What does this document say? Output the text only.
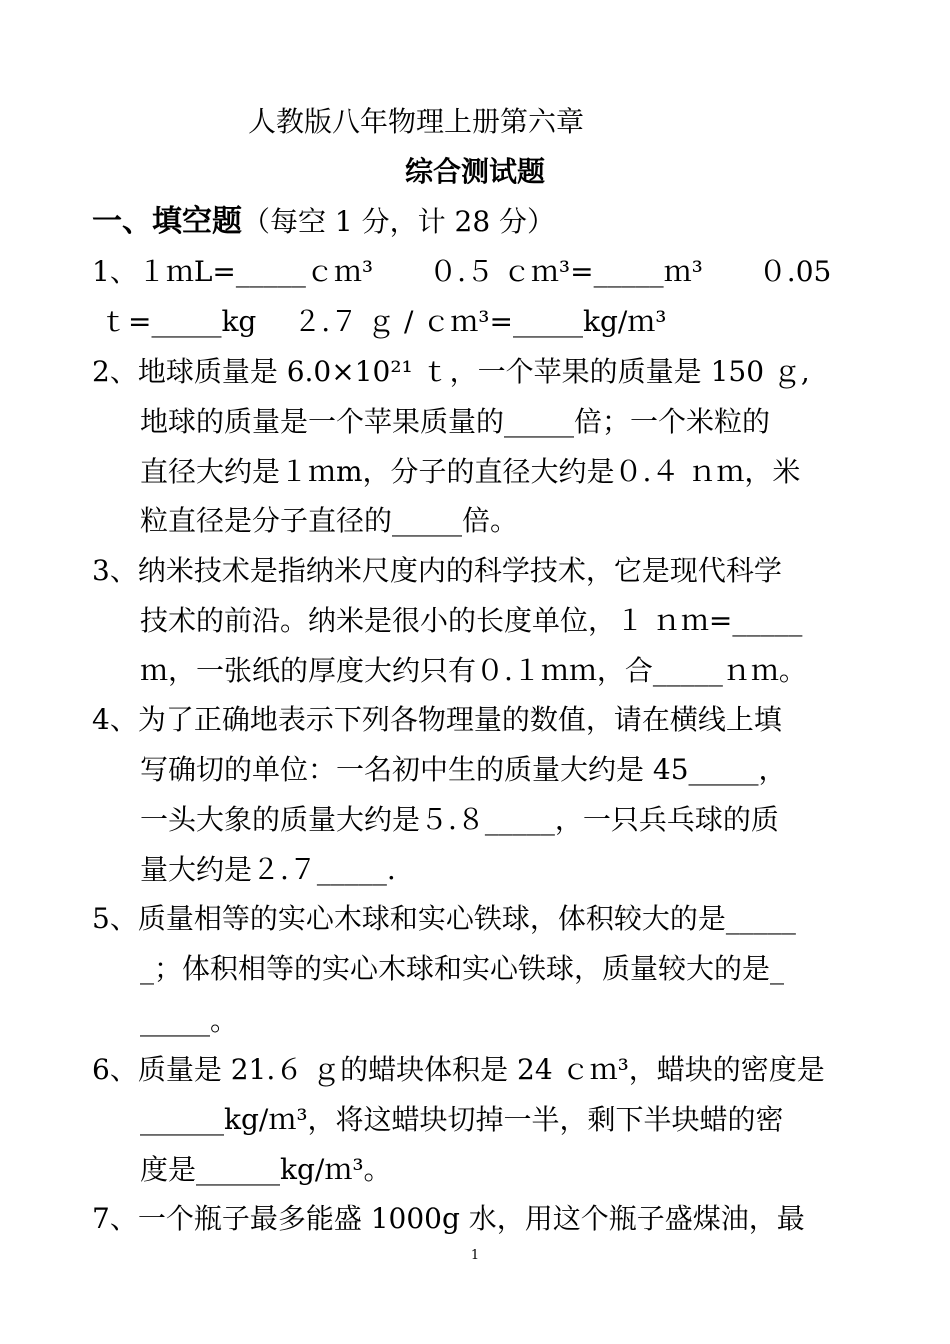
人教版八年物理上册第六章
综合测试题
一、填空题（每空 1 分，计 28 分）
1、１ｍL=_____ｃｍ³　　０.５ ｃｍ³=_____ｍ³　　０.05
ｔ=_____kg　 ２.７ ｇ / ｃｍ³=_____kg/ｍ³
2、地球质量是 6.0×10²¹ ｔ，一个苹果的质量是 150 ｇ,
地球的质量是一个苹果质量的_____倍；一个米粒的
直径大约是１ｍm，分子的直径大约是０.４ ｎｍ，米
粒直径是分子直径的_____倍。
3、纳米技术是指纳米尺度内的科学技术，它是现代科学
技术的前沿。纳米是很小的长度单位，１ ｎｍ=_____
ｍ，一张纸的厚度大约只有０.１ｍｍ，合_____ｎｍ。
4、为了正确地表示下列各物理量的数值，请在横线上填
写确切的单位：一名初中生的质量大约是 45_____，
一头大象的质量大约是５.８_____，一只兵乓球的质
量大约是２.７_____.
5、质量相等的实心木球和实心铁球，体积较大的是_____
_；体积相等的实心木球和实心铁球，质量较大的是_
_____。
6、质量是 21.６ ｇ的蜡块体积是 24 ｃｍ³，蜡块的密度是
______kg/ｍ³，将这蜡块切掉一半，剩下半块蜡的密
度是______kg/ｍ³。
7、一个瓶子最多能盛 1000g 水，用这个瓶子盛煤油，最
1
